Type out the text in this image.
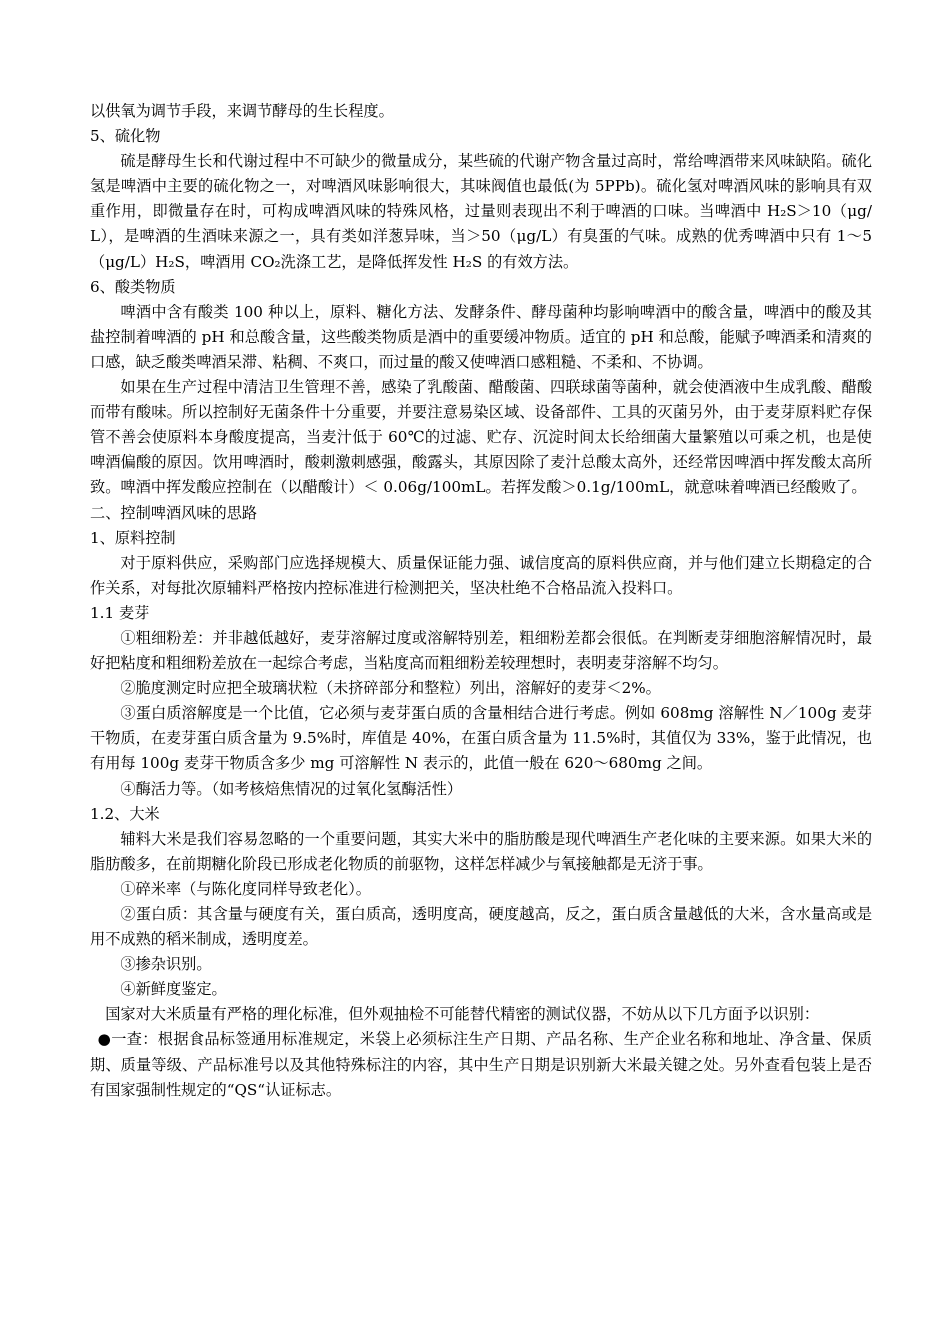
以供氧为调节手段，来调节酵母的生长程度。

5、硫化物

硫是酵母生长和代谢过程中不可缺少的微量成分，某些硫的代谢产物含量过高时，常给啤酒带来风味缺陷。硫化氢是啤酒中主要的硫化物之一，对啤酒风味影响很大，其味阀值也最低(为 5PPb)。硫化氢对啤酒风味的影响具有双重作用，即微量存在时，可构成啤酒风味的特殊风格，过量则表现出不利于啤酒的口味。当啤酒中 H₂S＞10（μg/L），是啤酒的生酒味来源之一，具有类如洋葱异味，当＞50（μg/L）有臭蛋的气味。成熟的优秀啤酒中只有 1～5（μg/L）H₂S，啤酒用 CO₂洗涤工艺，是降低挥发性 H₂S 的有效方法。

6、酸类物质

啤酒中含有酸类 100 种以上，原料、糖化方法、发酵条件、酵母菌种均影响啤酒中的酸含量，啤酒中的酸及其盐控制着啤酒的 pH 和总酸含量，这些酸类物质是酒中的重要缓冲物质。适宜的 pH 和总酸，能赋予啤酒柔和清爽的口感，缺乏酸类啤酒呆滞、粘稠、不爽口，而过量的酸又使啤酒口感粗糙、不柔和、不协调。

如果在生产过程中清洁卫生管理不善，感染了乳酸菌、醋酸菌、四联球菌等菌种，就会使酒液中生成乳酸、醋酸而带有酸味。所以控制好无菌条件十分重要，并要注意易染区域、设备部件、工具的灭菌另外，由于麦芽原料贮存保管不善会使原料本身酸度提高，当麦汁低于 60℃的过滤、贮存、沉淀时间太长给细菌大量繁殖以可乘之机，也是使啤酒偏酸的原因。饮用啤酒时，酸刺激刺感强，酸露头，其原因除了麦汁总酸太高外，还经常因啤酒中挥发酸太高所致。啤酒中挥发酸应控制在（以醋酸计）＜ 0.06g/100mL。若挥发酸＞0.1g/100mL，就意味着啤酒已经酸败了。

二、控制啤酒风味的思路

1、原料控制

对于原料供应，采购部门应选择规模大、质量保证能力强、诚信度高的原料供应商，并与他们建立长期稳定的合作关系，对每批次原辅料严格按内控标准进行检测把关，坚决杜绝不合格品流入投料口。

1.1 麦芽

①粗细粉差：并非越低越好，麦芽溶解过度或溶解特别差，粗细粉差都会很低。在判断麦芽细胞溶解情况时，最好把粘度和粗细粉差放在一起综合考虑，当粘度高而粗细粉差较理想时，表明麦芽溶解不均匀。

②脆度测定时应把全玻璃状粒（未挤碎部分和整粒）列出，溶解好的麦芽＜2%。

③蛋白质溶解度是一个比值，它必须与麦芽蛋白质的含量相结合进行考虑。例如 608mg 溶解性 N／100g 麦芽干物质，在麦芽蛋白质含量为 9.5%时，库值是 40%，在蛋白质含量为 11.5%时，其值仅为 33%，鉴于此情况，也有用每 100g 麦芽干物质含多少 mg 可溶解性 N 表示的，此值一般在 620～680mg 之间。

④酶活力等。（如考核焙焦情况的过氧化氢酶活性）

1.2、大米

辅料大米是我们容易忽略的一个重要问题，其实大米中的脂肪酸是现代啤酒生产老化味的主要来源。如果大米的脂肪酸多，在前期糖化阶段已形成老化物质的前驱物，这样怎样减少与氧接触都是无济于事。

①碎米率（与陈化度同样导致老化）。

②蛋白质：其含量与硬度有关，蛋白质高，透明度高，硬度越高，反之，蛋白质含量越低的大米，含水量高或是用不成熟的稻米制成，透明度差。

③掺杂识别。

④新鲜度鉴定。

国家对大米质量有严格的理化标准，但外观抽检不可能替代精密的测试仪器，不妨从以下几方面予以识别：

●一查：根据食品标签通用标准规定，米袋上必须标注生产日期、产品名称、生产企业名称和地址、净含量、保质期、质量等级、产品标准号以及其他特殊标注的内容，其中生产日期是识别新大米最关键之处。另外查看包装上是否有国家强制性规定的“QS“认证标志。
